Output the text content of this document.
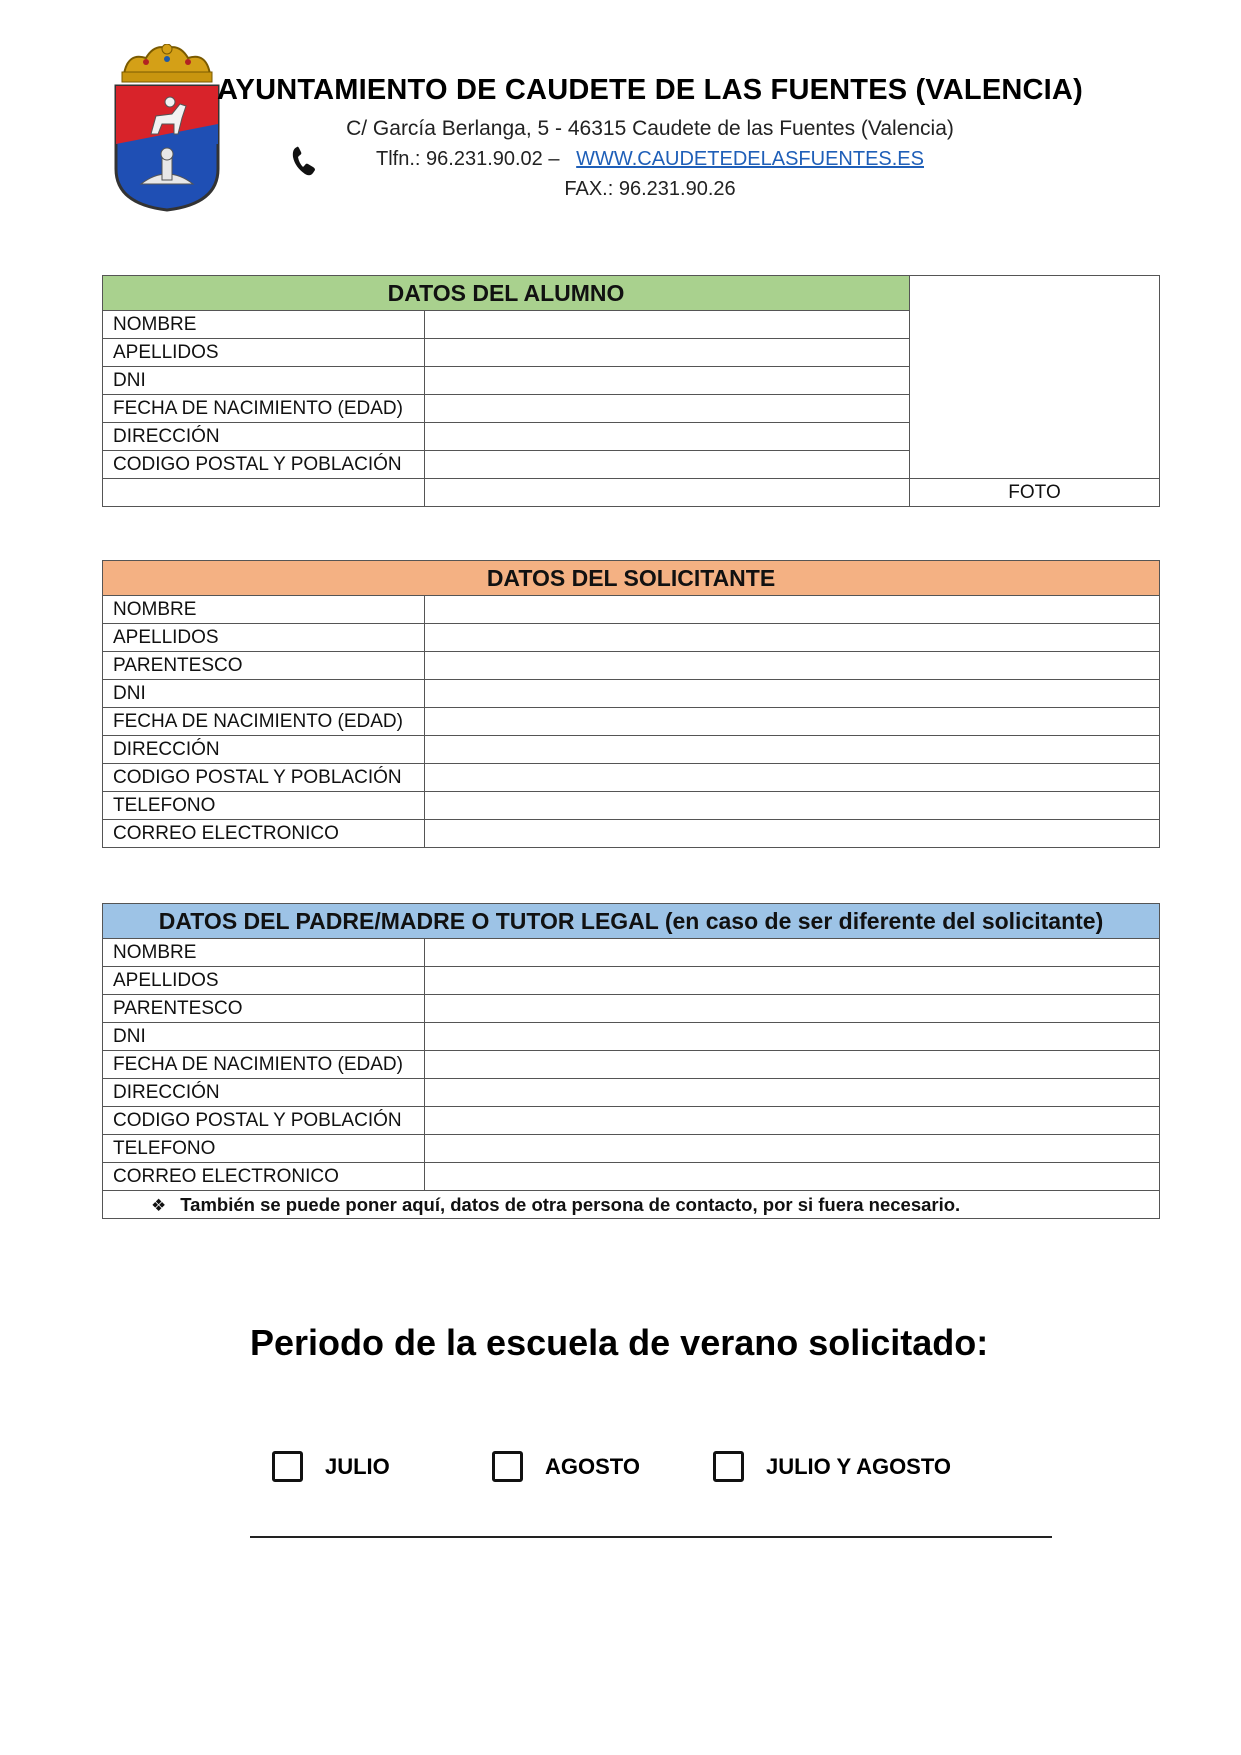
AYUNTAMIENTO DE CAUDETE DE LAS FUENTES (VALENCIA)
C/ García Berlanga, 5 - 46315 Caudete de las Fuentes (Valencia)
Tlfn.: 96.231.90.02 – WWW.CAUDETEDELASFUENTES.ES
FAX.: 96.231.90.26
DATOS DEL ALUMNO		
NOMBRE		
APELLIDOS		
DNI		
FECHA DE NACIMIENTO (EDAD)		
DIRECCIÓN		
CODIGO POSTAL Y POBLACIÓN		
		FOTO
DATOS DEL SOLICITANTE	
NOMBRE	
APELLIDOS	
PARENTESCO	
DNI	
FECHA DE NACIMIENTO (EDAD)	
DIRECCIÓN	
CODIGO POSTAL Y POBLACIÓN	
TELEFONO	
CORREO ELECTRONICO	
DATOS DEL PADRE/MADRE O TUTOR LEGAL (en caso de ser diferente del solicitante)	
NOMBRE	
APELLIDOS	
PARENTESCO	
DNI	
FECHA DE NACIMIENTO (EDAD)	
DIRECCIÓN	
CODIGO POSTAL Y POBLACIÓN	
TELEFONO	
CORREO ELECTRONICO	
❖ También se puede poner aquí, datos de otra persona de contacto, por si fuera necesario.	
Periodo de la escuela de verano solicitado:
JULIO	AGOSTO	JULIO Y AGOSTO
